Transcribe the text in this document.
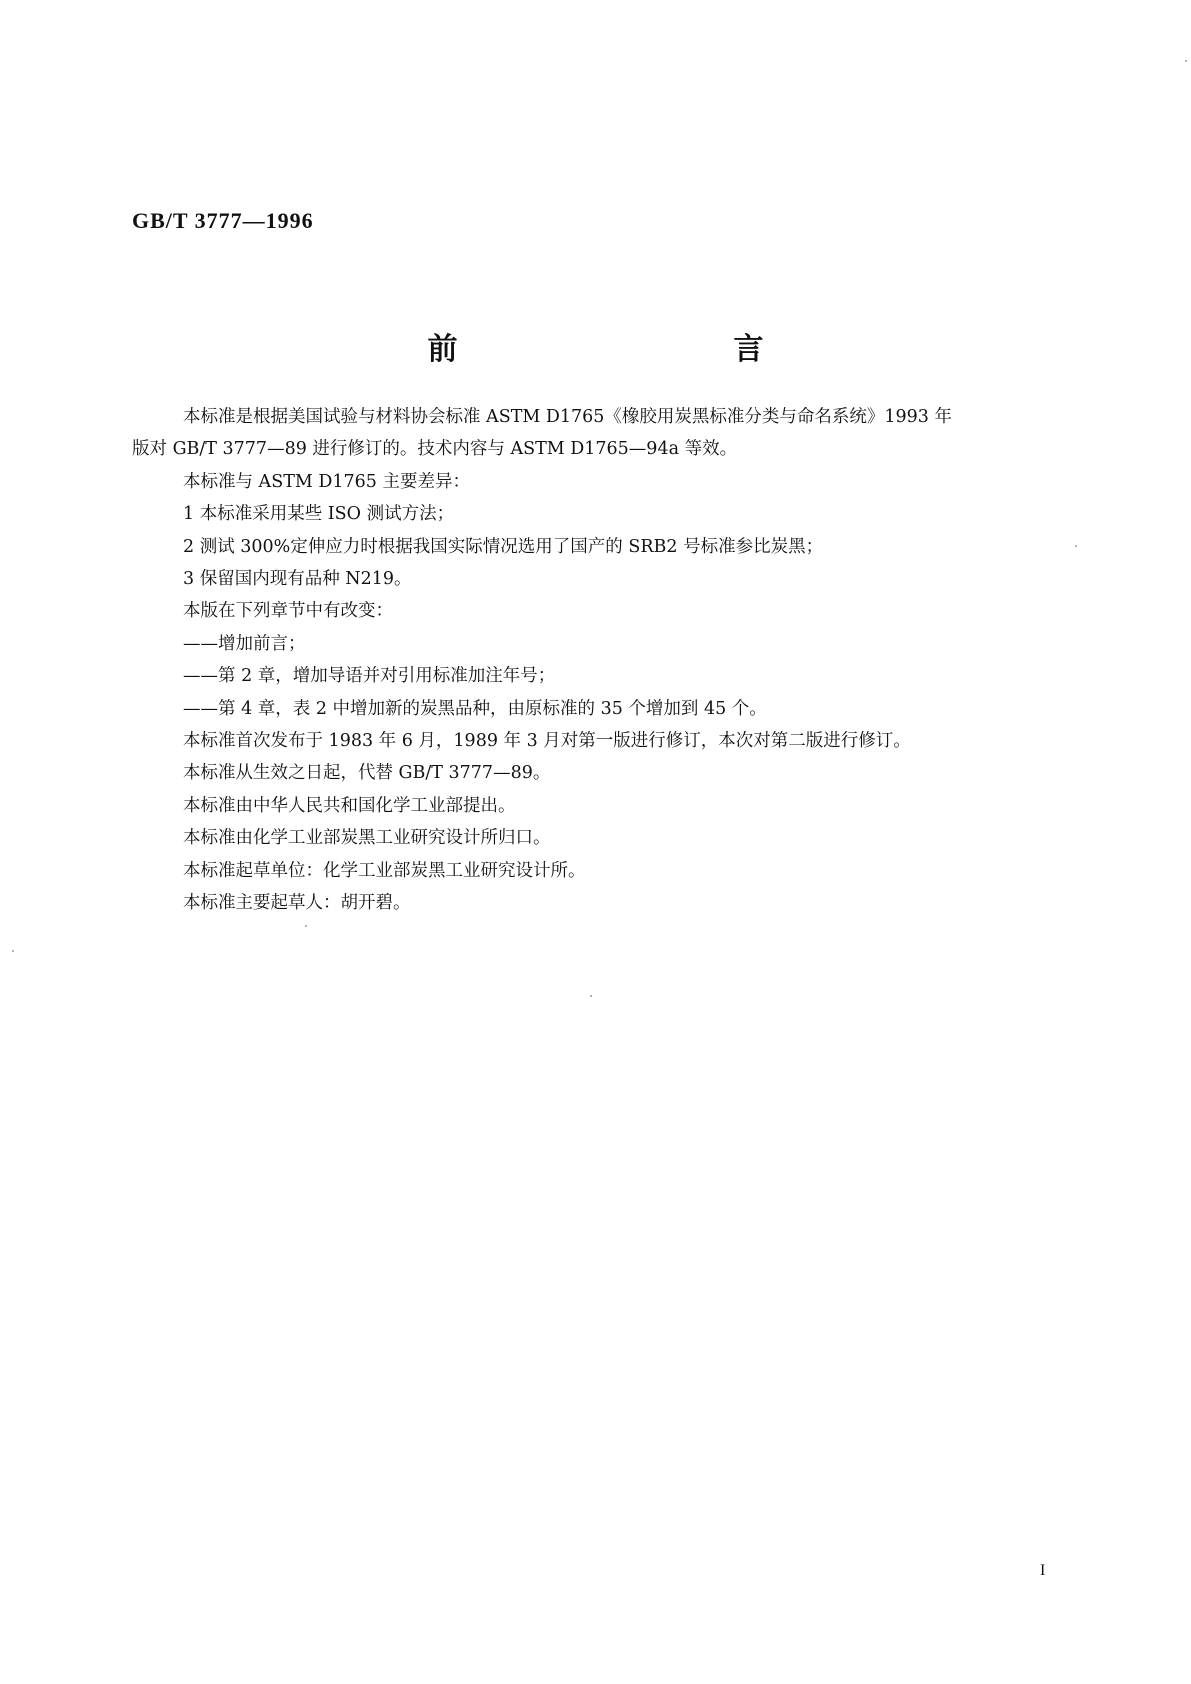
GB/T 3777—1996
前　　言

本标准是根据美国试验与材料协会标准 ASTM D1765《橡胶用炭黑标准分类与命名系统》1993 年

版对 GB/T 3777—89 进行修订的。技术内容与 ASTM D1765—94a 等效。

本标准与 ASTM D1765 主要差异：

1 本标准采用某些 ISO 测试方法；

2 测试 300%定伸应力时根据我国实际情况选用了国产的 SRB2 号标准参比炭黑；

3 保留国内现有品种 N219。

本版在下列章节中有改变：

——增加前言；

——第 2 章，增加导语并对引用标准加注年号；

——第 4 章，表 2 中增加新的炭黑品种，由原标准的 35 个增加到 45 个。

本标准首次发布于 1983 年 6 月，1989 年 3 月对第一版进行修订，本次对第二版进行修订。

本标准从生效之日起，代替 GB/T 3777—89。

本标准由中华人民共和国化学工业部提出。

本标准由化学工业部炭黑工业研究设计所归口。

本标准起草单位：化学工业部炭黑工业研究设计所。

本标准主要起草人：胡开碧。

I
